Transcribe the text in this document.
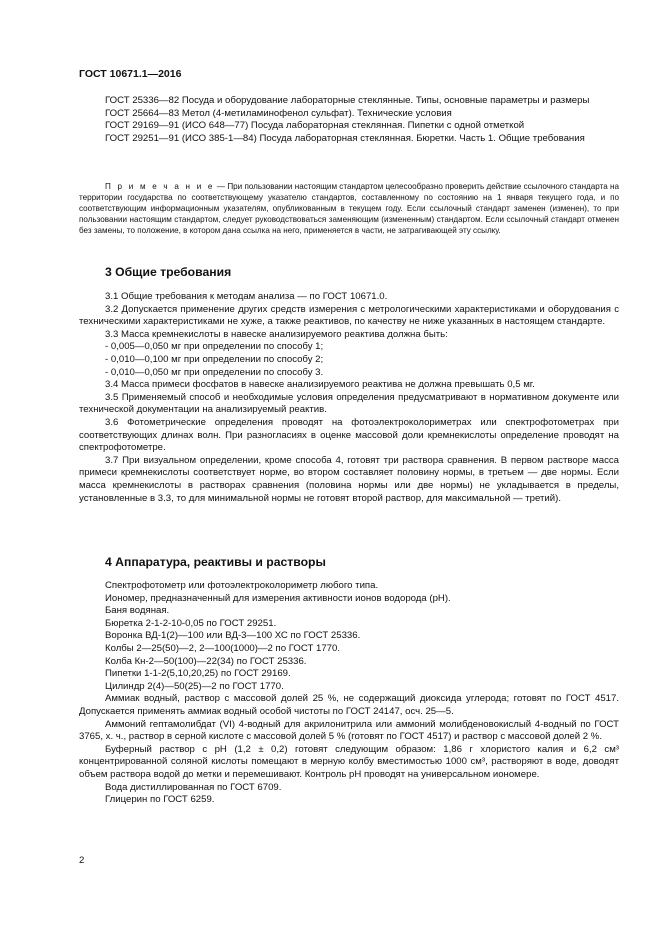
ГОСТ 10671.1—2016

ГОСТ 25336—82 Посуда и оборудование лабораторные стеклянные. Типы, основные параметры и размеры

ГОСТ 25664—83 Метол (4-метиламинофенол сульфат). Технические условия

ГОСТ 29169—91 (ИСО 648—77) Посуда лабораторная стеклянная. Пипетки с одной отметкой

ГОСТ 29251—91 (ИСО 385-1—84) Посуда лабораторная стеклянная. Бюретки. Часть 1. Общие требования

П р и м е ч а н и е — При пользовании настоящим стандартом целесообразно проверить действие ссылочного стандарта на территории государства по соответствующему указателю стандартов, составленному по состоянию на 1 января текущего года, и по соответствующим информационным указателям, опубликованным в текущем году. Если ссылочный стандарт заменен (изменен), то при пользовании настоящим стандартом, следует руководствоваться заменяющим (измененным) стандартом. Если ссылочный стандарт отменен без замены, то положение, в котором дана ссылка на него, применяется в части, не затрагивающей эту ссылку.

3 Общие требования

3.1 Общие требования к методам анализа — по ГОСТ 10671.0.

3.2 Допускается применение других средств измерения с метрологическими характеристиками и оборудования с техническими характеристиками не хуже, а также реактивов, по качеству не ниже указанных в настоящем стандарте.

3.3 Масса кремнекислоты в навеске анализируемого реактива должна быть:

- 0,005—0,050 мг при определении по способу 1;

- 0,010—0,100 мг при определении по способу 2;

- 0,010—0,050 мг при определении по способу 3.

3.4 Масса примеси фосфатов в навеске анализируемого реактива не должна превышать 0,5 мг.

3.5 Применяемый способ и необходимые условия определения предусматривают в нормативном документе или технической документации на анализируемый реактив.

3.6 Фотометрические определения проводят на фотоэлектроколориметрах или спектрофотометрах при соответствующих длинах волн. При разногласиях в оценке массовой доли кремнекислоты определение проводят на спектрофотометре.

3.7 При визуальном определении, кроме способа 4, готовят три раствора сравнения. В первом растворе масса примеси кремнекислоты соответствует норме, во втором составляет половину нормы, в третьем — две нормы. Если масса кремнекислоты в растворах сравнения (половина нормы или две нормы) не укладывается в пределы, установленные в 3.3, то для минимальной нормы не готовят второй раствор, для максимальной — третий).

4 Аппаратура, реактивы и растворы

Спектрофотометр или фотоэлектроколориметр любого типа.

Иономер, предназначенный для измерения активности ионов водорода (pH).

Баня водяная.

Бюретка 2-1-2-10-0,05 по ГОСТ 29251.

Воронка ВД-1(2)—100 или ВД-3—100 ХС по ГОСТ 25336.

Колбы 2—25(50)—2, 2—100(1000)—2 по ГОСТ 1770.

Колба Кн-2—50(100)—22(34) по ГОСТ 25336.

Пипетки 1-1-2(5,10,20,25) по ГОСТ 29169.

Цилиндр 2(4)—50(25)—2 по ГОСТ 1770.

Аммиак водный, раствор с массовой долей 25 %, не содержащий диоксида углерода; готовят по ГОСТ 4517. Допускается применять аммиак водный особой чистоты по ГОСТ 24147, осч. 25—5.

Аммоний гептамолибдат (VI) 4-водный для акрилонитрила или аммоний молибденовокислый 4-водный по ГОСТ 3765, х. ч., раствор в серной кислоте с массовой долей 5 % (готовят по ГОСТ 4517) и раствор с массовой долей 2 %.

Буферный раствор с pH (1,2 ± 0,2) готовят следующим образом: 1,86 г хлористого калия и 6,2 см³ концентрированной соляной кислоты помещают в мерную колбу вместимостью 1000 см³, растворяют в воде, доводят объем раствора водой до метки и перемешивают. Контроль pH проводят на универсальном иономере.

Вода дистиллированная по ГОСТ 6709.

Глицерин по ГОСТ 6259.

2
